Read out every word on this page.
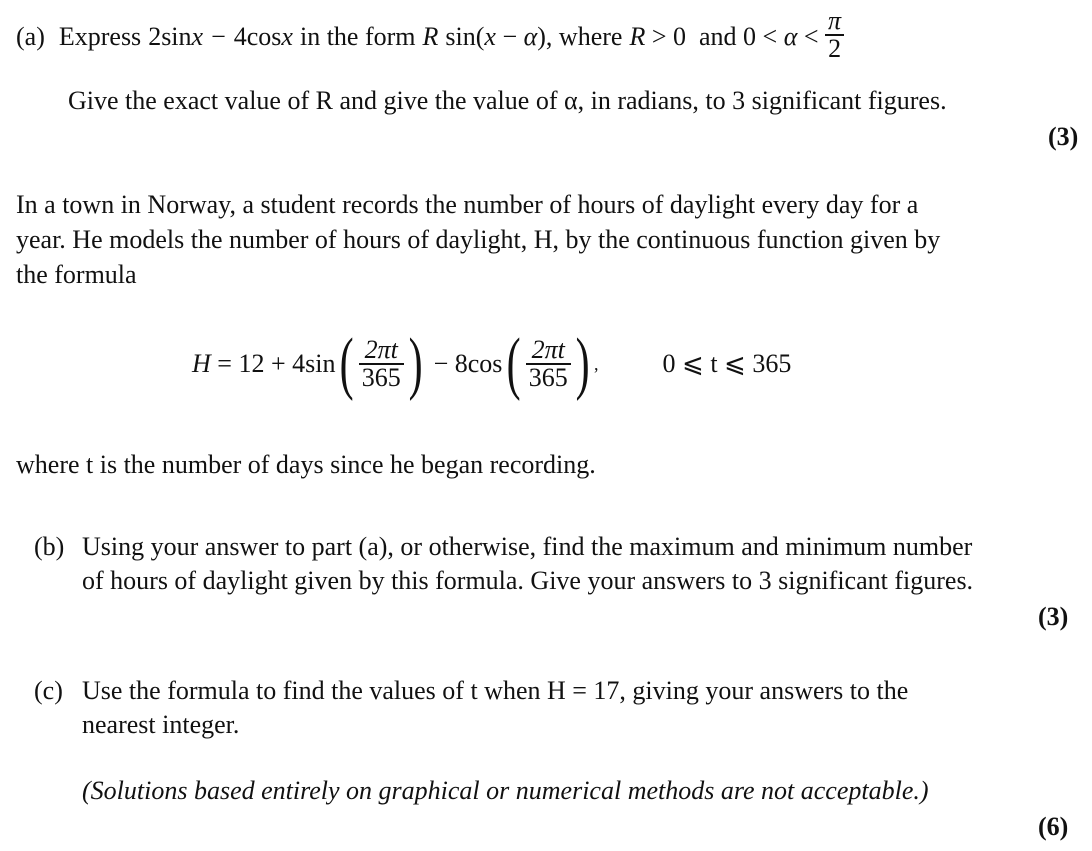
(a) Express 2sin x − 4cos x in the form R sin( x − α ), where R > 0  and $0 < \alpha < \frac{\pi}{2}$
Give the exact value of R and give the value of α, in radians, to 3 significant figures.
(3)
In a town in Norway, a student records the number of hours of daylight every day for a
year. He models the number of hours of daylight, H, by the continuous function given by
the formula
H = 12 + 4sin ( $\frac{2\pi t}{365}$ ) − 8cos ( $\frac{2\pi t}{365}$ ) , 0 ⩽ t ⩽ 365
where t is the number of days since he began recording.
(b) Using your answer to part (a), or otherwise, find the maximum and minimum number
of hours of daylight given by this formula. Give your answers to 3 significant figures.
(3)
(c) Use the formula to find the values of t when H = 17, giving your answers to the
nearest integer.
(Solutions based entirely on graphical or numerical methods are not acceptable.)
(6)
